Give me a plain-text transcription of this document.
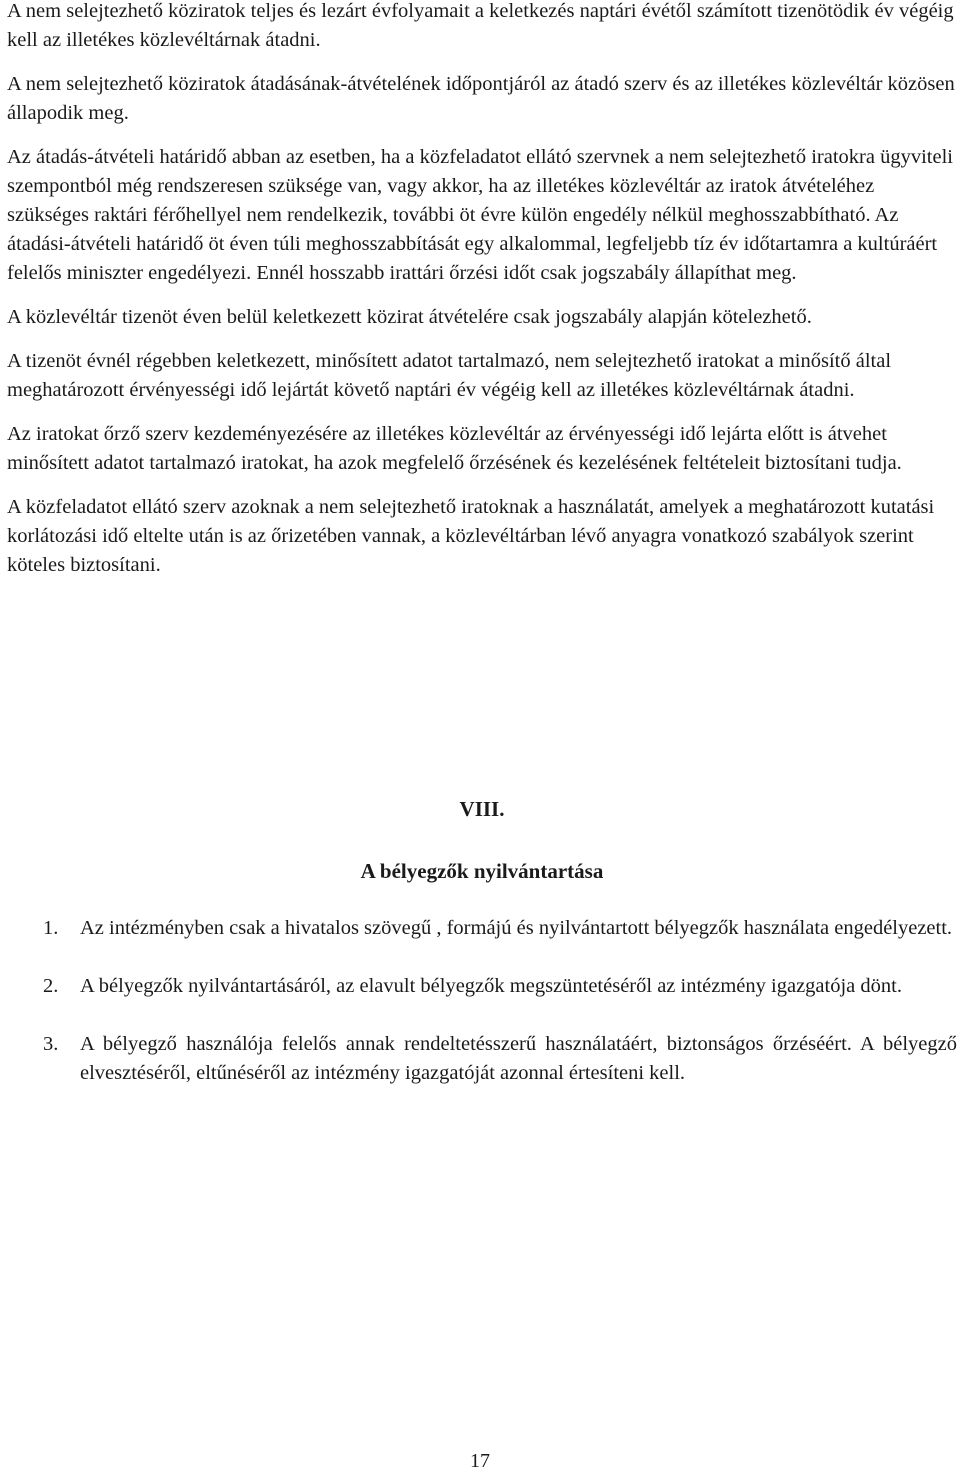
A nem selejtezhető köziratok teljes és lezárt évfolyamait a keletkezés naptári évétől számított tizenötödik év végéig kell az illetékes közlevéltárnak átadni.

A nem selejtezhető köziratok átadásának-átvételének időpontjáról az átadó szerv és az illetékes közlevéltár közösen állapodik meg.

Az átadás-átvételi határidő abban az esetben, ha a közfeladatot ellátó szervnek a nem selejtezhető iratokra ügyviteli szempontból még rendszeresen szüksége van, vagy akkor, ha az illetékes közlevéltár az iratok átvételéhez szükséges raktári férőhellyel nem rendelkezik, további öt évre külön engedély nélkül meghosszabbítható. Az átadási-átvételi határidő öt éven túli meghosszabbítását egy alkalommal, legfeljebb tíz év időtartamra a kultúráért felelős miniszter engedélyezi. Ennél hosszabb irattári őrzési időt csak jogszabály állapíthat meg.

A közlevéltár tizenöt éven belül keletkezett közirat átvételére csak jogszabály alapján kötelezhető.

A tizenöt évnél régebben keletkezett, minősített adatot tartalmazó, nem selejtezhető iratokat a minősítő által meghatározott érvényességi idő lejártát követő naptári év végéig kell az illetékes közlevéltárnak átadni.

Az iratokat őrző szerv kezdeményezésére az illetékes közlevéltár az érvényességi idő lejárta előtt is átvehet minősített adatot tartalmazó iratokat, ha azok megfelelő őrzésének és kezelésének feltételeit biztosítani tudja.

A közfeladatot ellátó szerv azoknak a nem selejtezhető iratoknak a használatát, amelyek a meghatározott kutatási korlátozási idő eltelte után is az őrizetében vannak, a közlevéltárban lévő anyagra vonatkozó szabályok szerint köteles biztosítani.

VIII.
A bélyegzők nyilvántartása
1.	Az intézményben csak a hivatalos szövegű , formájú és nyilvántartott bélyegzők használata engedélyezett.
2.	A bélyegzők nyilvántartásáról, az elavult bélyegzők megszüntetéséről az intézmény igazgatója dönt.
3.	A bélyegző használója felelős annak rendeltetésszerű használatáért, biztonságos őrzéséért. A bélyegző elvesztéséről, eltűnéséről az intézmény igazgatóját azonnal értesíteni kell.
17
